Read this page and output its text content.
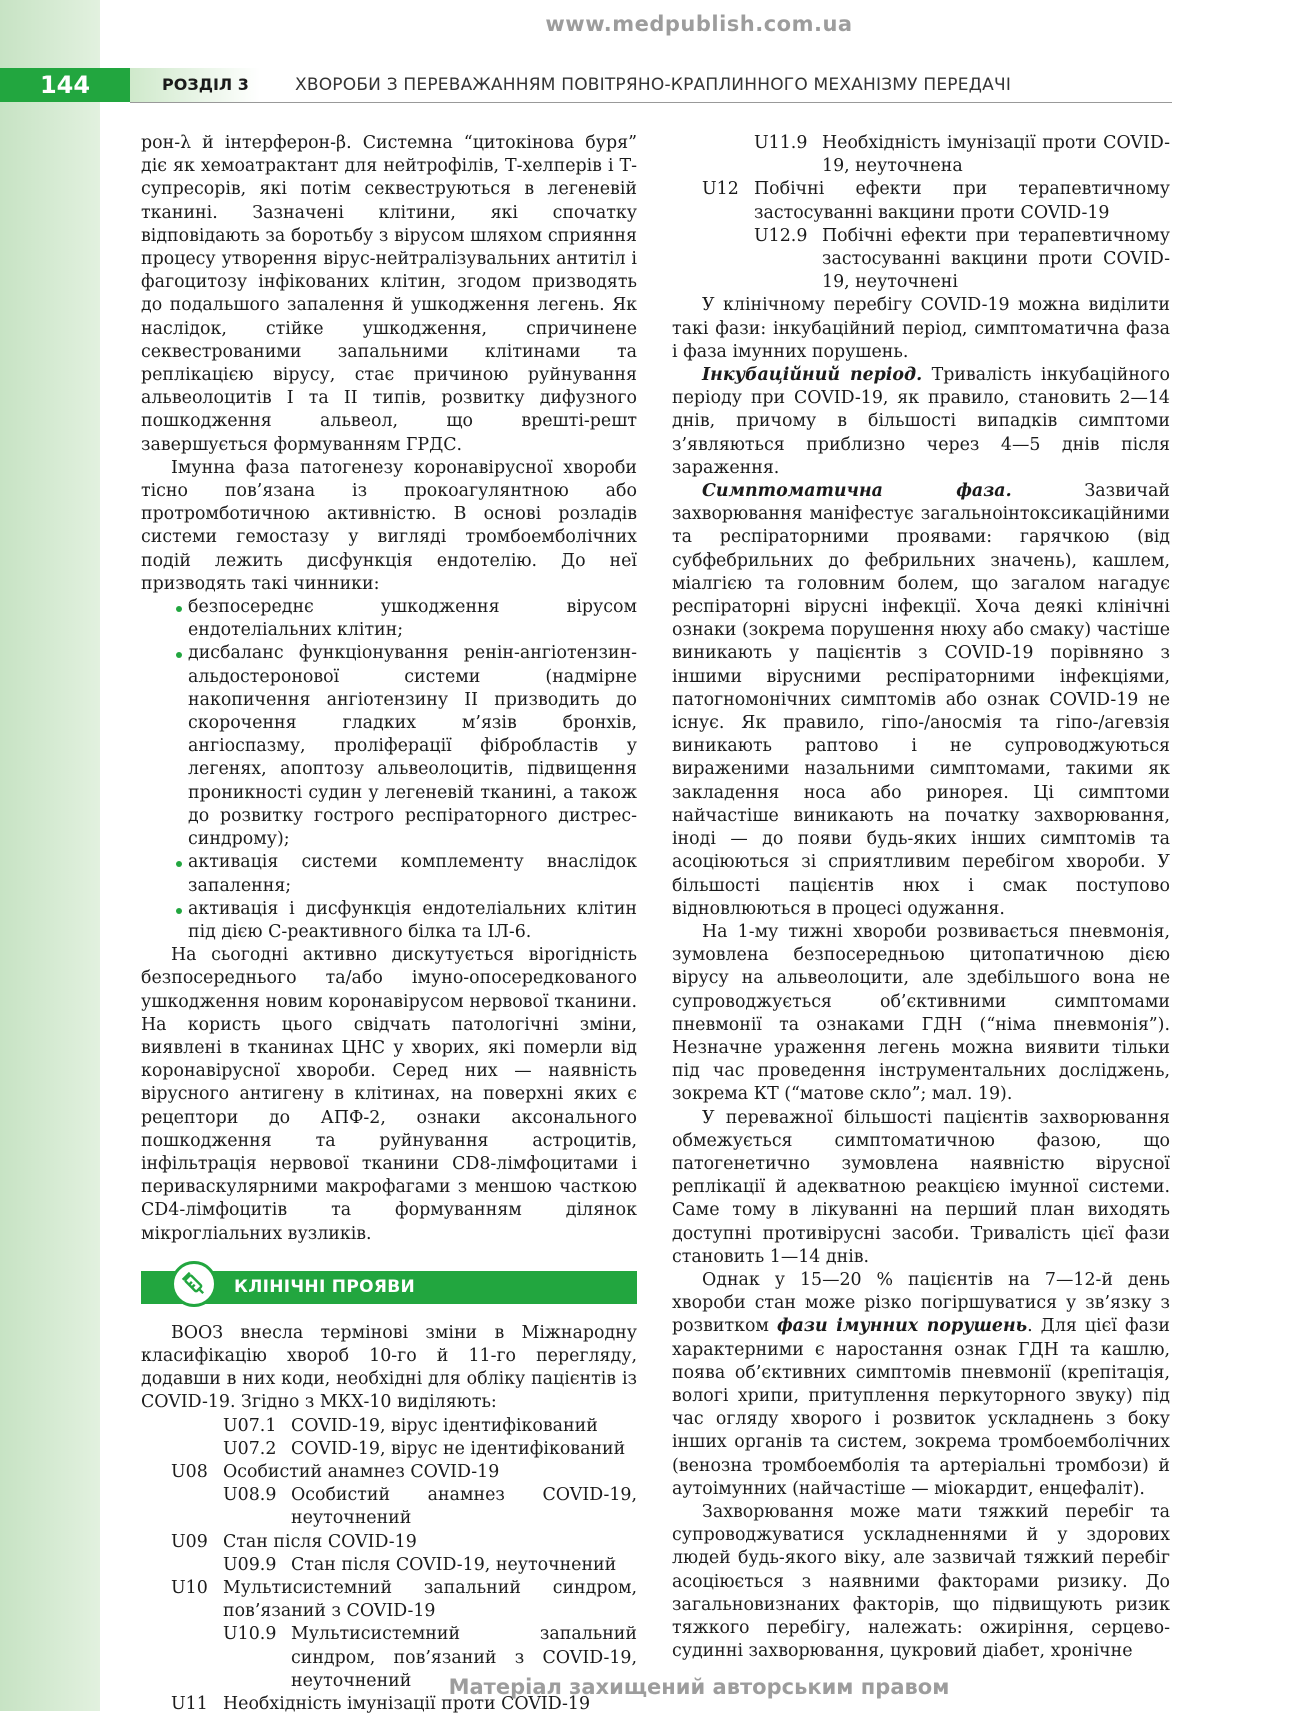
www.medpublish.com.ua
144	РОЗДІЛ 3	ХВОРОБИ З ПЕРЕВАЖАННЯМ ПОВІТРЯНО-КРАПЛИННОГО МЕХАНІЗМУ ПЕРЕДАЧІ

рон-λ й інтерферон-β. Системна “цитокінова буря” діє як хемоатрактант для нейтрофілів, Т-хелперів і Т-супресорів, які потім секвеструються в легеневій тканині. Зазначені клітини, які спочатку відповідають за боротьбу з вірусом шляхом сприяння процесу утворення вірус-нейтралізувальних антитіл і фагоцитозу інфікованих клітин, згодом призводять до подальшого запалення й ушкодження легень. Як наслідок, стійке ушкодження, спричинене секвестрованими запальними клітинами та реплікацією вірусу, стає причиною руйнування альвеолоцитів I та II типів, розвитку дифузного пошкодження альвеол, що врешті-решт завершується формуванням ГРДС.

Імунна фаза патогенезу коронавірусної хвороби тісно пов’язана із прокоагулянтною або протромботичною активністю. В основі розладів системи гемостазу у вигляді тромбоемболічних подій лежить дисфункція ендотелію. До неї призводять такі чинники:

безпосереднє ушкодження вірусом ендотеліальних клітин;
дисбаланс функціонування ренін-ангіотензин-альдостеронової системи (надмірне накопичення ангіотензину II призводить до скорочення гладких м’язів бронхів, ангіоспазму, проліферації фібробластів у легенях, апоптозу альвеолоцитів, підвищення проникності судин у легеневій тканині, а також до розвитку гострого респіраторного дистрес-синдрому);
активація системи комплементу внаслідок запалення;
активація і дисфункція ендотеліальних клітин під дією С-реактивного білка та ІЛ-6.

На сьогодні активно дискутується вірогідність безпосереднього та/або імуно-опосередкованого ушкодження новим коронавірусом нервової тканини. На користь цього свідчать патологічні зміни, виявлені в тканинах ЦНС у хворих, які померли від коронавірусної хвороби. Серед них — наявність вірусного антигену в клітинах, на поверхні яких є рецептори до АПФ-2, ознаки аксонального пошкодження та руйнування астроцитів, інфільтрація нервової тканини CD8-лімфоцитами і периваскулярними макрофагами з меншою часткою CD4-лімфоцитів та формуванням ділянок мікрогліальних вузликів.

КЛІНІЧНІ ПРОЯВИ

ВООЗ внесла термінові зміни в Міжнародну класифікацію хвороб 10-го й 11-го перегляду, додавши в них коди, необхідні для обліку пацієнтів із COVID-19. Згідно з МКХ-10 виділяють:

U07.1 COVID-19, вірус ідентифікований
U07.2 COVID-19, вірус не ідентифікований
U08 Особистий анамнез COVID-19
U08.9 Особистий анамнез COVID-19, неуточнений
U09 Стан після COVID-19
U09.9 Стан після COVID-19, неуточнений
U10 Мультисистемний запальний синдром, пов’язаний з COVID-19
U10.9 Мультисистемний запальний синдром, пов’язаний з COVID-19, неуточнений
U11 Необхідність імунізації проти COVID-19
U11.9 Необхідність імунізації проти COVID-19, неуточнена
U12 Побічні ефекти при терапевтичному застосуванні вакцини проти COVID-19
U12.9 Побічні ефекти при терапевтичному застосуванні вакцини проти COVID-19, неуточнені

У клінічному перебігу COVID-19 можна виділити такі фази: інкубаційний період, симптоматична фаза і фаза імунних порушень.

Інкубаційний період. Тривалість інкубаційного періоду при COVID-19, як правило, становить 2—14 днів, причому в більшості випадків симптоми з’являються приблизно через 4—5 днів після зараження.

Симптоматична фаза. Зазвичай захворювання маніфестує загальноінтоксикаційними та респіраторними проявами: гарячкою (від субфебрильних до фебрильних значень), кашлем, міалгією та головним болем, що загалом нагадує респіраторні вірусні інфекції. Хоча деякі клінічні ознаки (зокрема порушення нюху або смаку) частіше виникають у пацієнтів з COVID-19 порівняно з іншими вірусними респіраторними інфекціями, патогномонічних симптомів або ознак COVID-19 не існує. Як правило, гіпо-/аносмія та гіпо-/агевзія виникають раптово і не супроводжуються вираженими назальними симптомами, такими як закладення носа або ринорея. Ці симптоми найчастіше виникають на початку захворювання, іноді — до появи будь-яких інших симптомів та асоціюються зі сприятливим перебігом хвороби. У більшості пацієнтів нюх і смак поступово відновлюються в процесі одужання.

На 1-му тижні хвороби розвивається пневмонія, зумовлена безпосередньою цитопатичною дією вірусу на альвеолоцити, але здебільшого вона не супроводжується об’єктивними симптомами пневмонії та ознаками ГДН (“німа пневмонія”). Незначне ураження легень можна виявити тільки під час проведення інструментальних досліджень, зокрема КТ (“матове скло”; мал. 19).

У переважної більшості пацієнтів захворювання обмежується симптоматичною фазою, що патогенетично зумовлена наявністю вірусної реплікації й адекватною реакцією імунної системи. Саме тому в лікуванні на перший план виходять доступні противірусні засоби. Тривалість цієї фази становить 1—14 днів.

Однак у 15—20 % пацієнтів на 7—12-й день хвороби стан може різко погіршуватися у зв’язку з розвитком фази імунних порушень. Для цієї фази характерними є наростання ознак ГДН та кашлю, поява об’єктивних симптомів пневмонії (крепітація, вологі хрипи, притуплення перкуторного звуку) під час огляду хворого і розвиток ускладнень з боку інших органів та систем, зокрема тромбоемболічних (венозна тромбоемболія та артеріальні тромбози) й аутоімунних (найчастіше — міокардит, енцефаліт).

Захворювання може мати тяжкий перебіг та супроводжуватися ускладненнями й у здорових людей будь-якого віку, але зазвичай тяжкий перебіг асоціюється з наявними факторами ризику. До загальновизнаних факторів, що підвищують ризик тяжкого перебігу, належать: ожиріння, серцево-судинні захворювання, цукровий діабет, хронічне

Матеріал захищений авторським правом
